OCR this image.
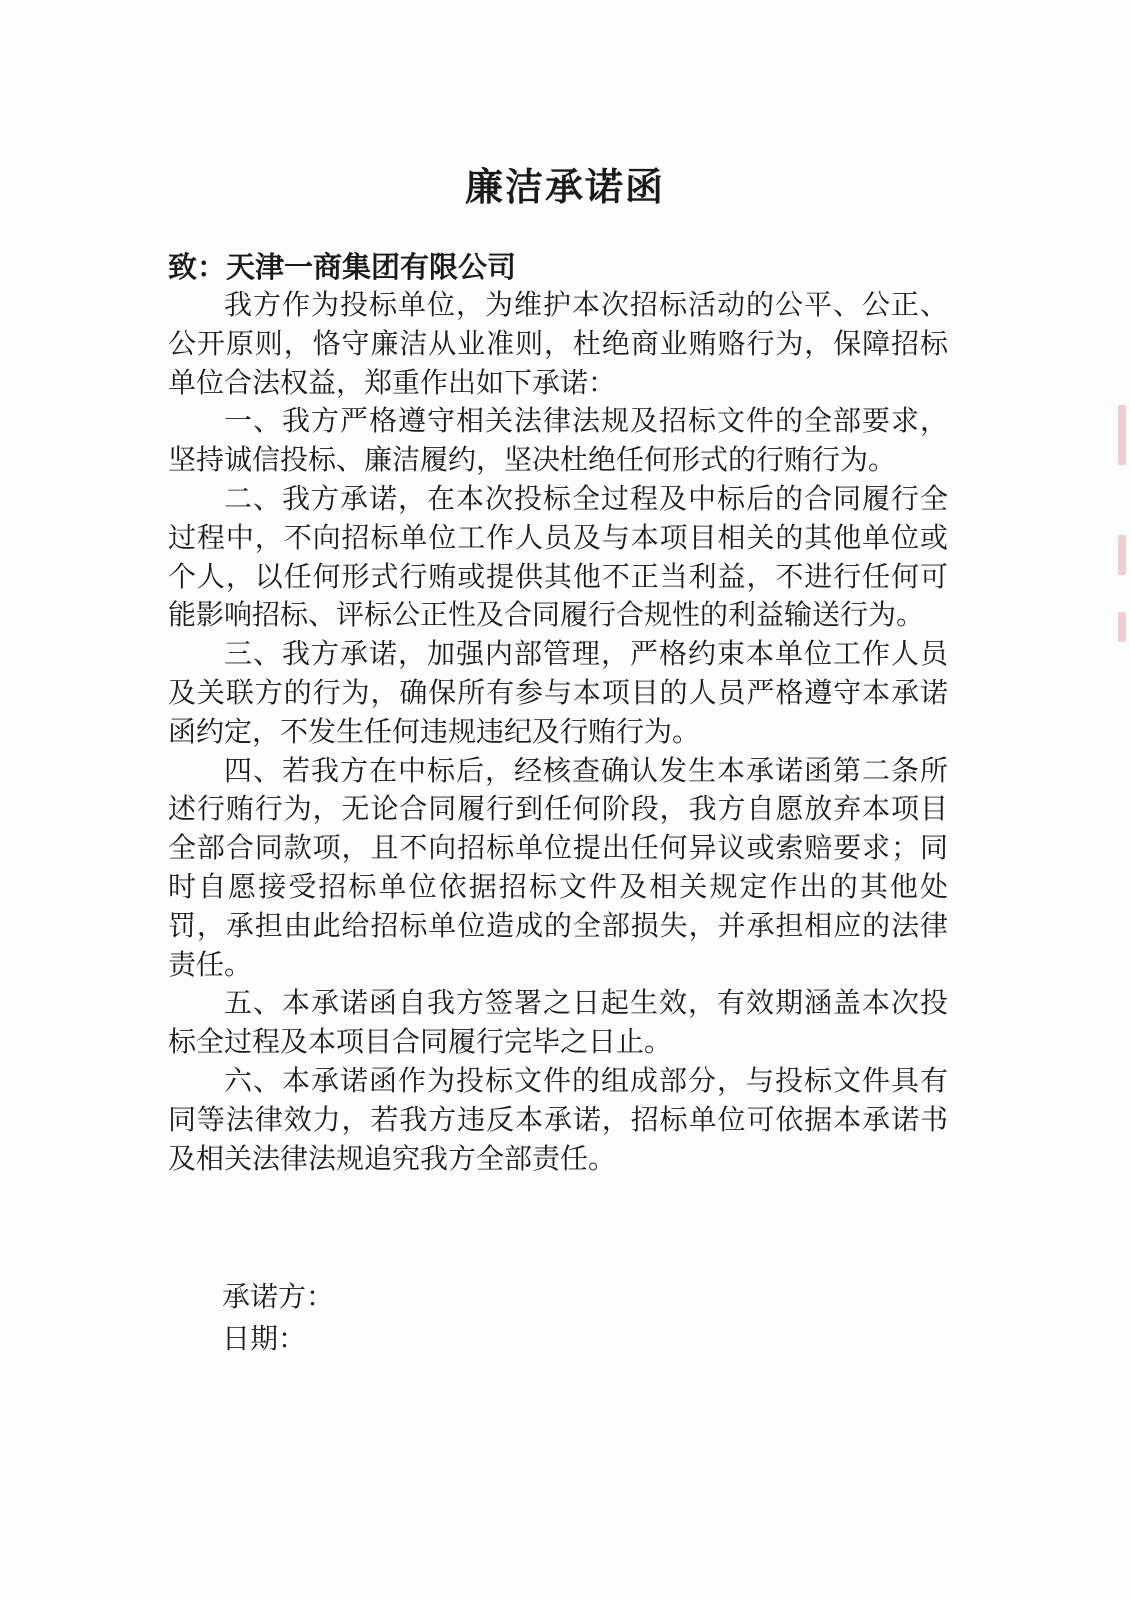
廉洁承诺函
致：天津一商集团有限公司

我方作为投标单位，为维护本次招标活动的公平、公正、公开原则，恪守廉洁从业准则，杜绝商业贿赂行为，保障招标单位合法权益，郑重作出如下承诺：

一、我方严格遵守相关法律法规及招标文件的全部要求，坚持诚信投标、廉洁履约，坚决杜绝任何形式的行贿行为。

二、我方承诺，在本次投标全过程及中标后的合同履行全过程中，不向招标单位工作人员及与本项目相关的其他单位或个人，以任何形式行贿或提供其他不正当利益，不进行任何可能影响招标、评标公正性及合同履行合规性的利益输送行为。

三、我方承诺，加强内部管理，严格约束本单位工作人员及关联方的行为，确保所有参与本项目的人员严格遵守本承诺函约定，不发生任何违规违纪及行贿行为。

四、若我方在中标后，经核查确认发生本承诺函第二条所述行贿行为，无论合同履行到任何阶段，我方自愿放弃本项目全部合同款项，且不向招标单位提出任何异议或索赔要求；同时自愿接受招标单位依据招标文件及相关规定作出的其他处罚，承担由此给招标单位造成的全部损失，并承担相应的法律责任。

五、本承诺函自我方签署之日起生效，有效期涵盖本次投标全过程及本项目合同履行完毕之日止。

六、本承诺函作为投标文件的组成部分，与投标文件具有同等法律效力，若我方违反本承诺，招标单位可依据本承诺书及相关法律法规追究我方全部责任。

承诺方：
日期：
